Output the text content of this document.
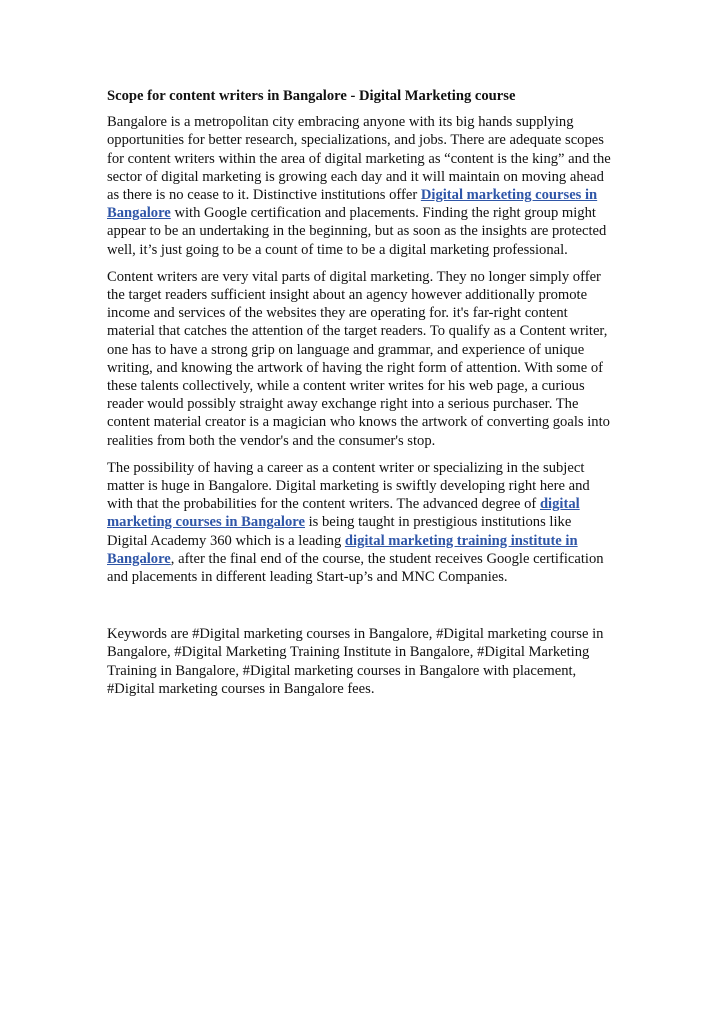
Scope for content writers in Bangalore - Digital Marketing course

Bangalore is a metropolitan city embracing anyone with its big hands supplying opportunities for better research, specializations, and jobs. There are adequate scopes for content writers within the area of digital marketing as “content is the king” and the sector of digital marketing is growing each day and it will maintain on moving ahead as there is no cease to it. Distinctive institutions offer Digital marketing courses in Bangalore with Google certification and placements. Finding the right group might appear to be an undertaking in the beginning, but as soon as the insights are protected well, it’s just going to be a count of time to be a digital marketing professional.

Content writers are very vital parts of digital marketing. They no longer simply offer the target readers sufficient insight about an agency however additionally promote income and services of the websites they are operating for. it's far-right content material that catches the attention of the target readers. To qualify as a Content writer, one has to have a strong grip on language and grammar, and experience of unique writing, and knowing the artwork of having the right form of attention. With some of these talents collectively, while a content writer writes for his web page, a curious reader would possibly straight away exchange right into a serious purchaser. The content material creator is a magician who knows the artwork of converting goals into realities from both the vendor's and the consumer's stop.

The possibility of having a career as a content writer or specializing in the subject matter is huge in Bangalore. Digital marketing is swiftly developing right here and with that the probabilities for the content writers. The advanced degree of digital marketing courses in Bangalore is being taught in prestigious institutions like Digital Academy 360 which is a leading digital marketing training institute in Bangalore, after the final end of the course, the student receives Google certification and placements in different leading Start-up’s and MNC Companies.

Keywords are #Digital marketing courses in Bangalore, #Digital marketing course in Bangalore, #Digital Marketing Training Institute in Bangalore, #Digital Marketing Training in Bangalore, #Digital marketing courses in Bangalore with placement, #Digital marketing courses in Bangalore fees.
